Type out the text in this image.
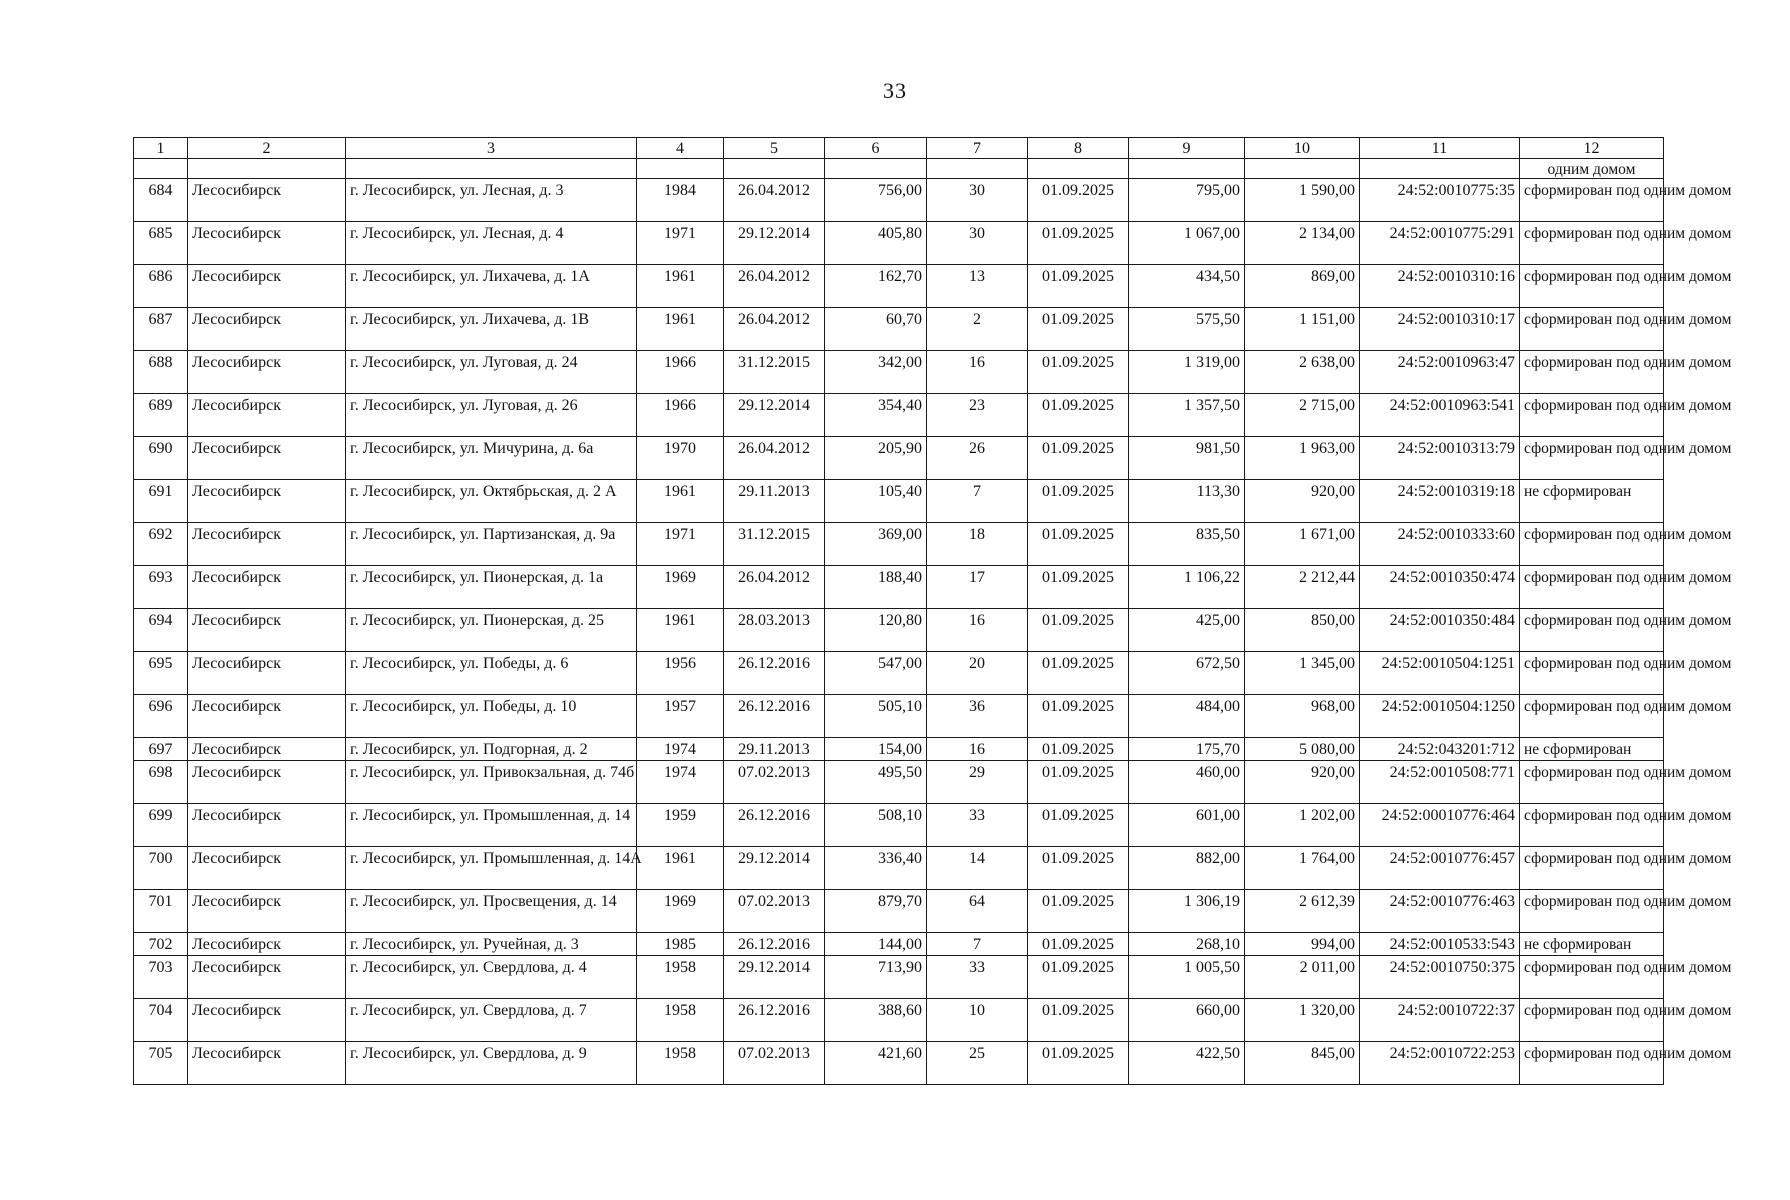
33
1	2	3	4	5	6	7	8	9	10	11	12
											одним домом
684	Лесосибирск	г. Лесосибирск, ул. Лесная, д. 3	1984	26.04.2012	756,00	30	01.09.2025	795,00	1 590,00	24:52:0010775:35	сформирован под одним домом
685	Лесосибирск	г. Лесосибирск, ул. Лесная, д. 4	1971	29.12.2014	405,80	30	01.09.2025	1 067,00	2 134,00	24:52:0010775:291	сформирован под одним домом
686	Лесосибирск	г. Лесосибирск, ул. Лихачева, д. 1А	1961	26.04.2012	162,70	13	01.09.2025	434,50	869,00	24:52:0010310:16	сформирован под одним домом
687	Лесосибирск	г. Лесосибирск, ул. Лихачева, д. 1В	1961	26.04.2012	60,70	2	01.09.2025	575,50	1 151,00	24:52:0010310:17	сформирован под одним домом
688	Лесосибирск	г. Лесосибирск, ул. Луговая, д. 24	1966	31.12.2015	342,00	16	01.09.2025	1 319,00	2 638,00	24:52:0010963:47	сформирован под одним домом
689	Лесосибирск	г. Лесосибирск, ул. Луговая, д. 26	1966	29.12.2014	354,40	23	01.09.2025	1 357,50	2 715,00	24:52:0010963:541	сформирован под одним домом
690	Лесосибирск	г. Лесосибирск, ул. Мичурина, д. 6а	1970	26.04.2012	205,90	26	01.09.2025	981,50	1 963,00	24:52:0010313:79	сформирован под одним домом
691	Лесосибирск	г. Лесосибирск, ул. Октябрьская, д. 2 А	1961	29.11.2013	105,40	7	01.09.2025	113,30	920,00	24:52:0010319:18	не сформирован
692	Лесосибирск	г. Лесосибирск, ул. Партизанская, д. 9а	1971	31.12.2015	369,00	18	01.09.2025	835,50	1 671,00	24:52:0010333:60	сформирован под одним домом
693	Лесосибирск	г. Лесосибирск, ул. Пионерская, д. 1а	1969	26.04.2012	188,40	17	01.09.2025	1 106,22	2 212,44	24:52:0010350:474	сформирован под одним домом
694	Лесосибирск	г. Лесосибирск, ул. Пионерская, д. 25	1961	28.03.2013	120,80	16	01.09.2025	425,00	850,00	24:52:0010350:484	сформирован под одним домом
695	Лесосибирск	г. Лесосибирск, ул. Победы, д. 6	1956	26.12.2016	547,00	20	01.09.2025	672,50	1 345,00	24:52:0010504:1251	сформирован под одним домом
696	Лесосибирск	г. Лесосибирск, ул. Победы, д. 10	1957	26.12.2016	505,10	36	01.09.2025	484,00	968,00	24:52:0010504:1250	сформирован под одним домом
697	Лесосибирск	г. Лесосибирск, ул. Подгорная, д. 2	1974	29.11.2013	154,00	16	01.09.2025	175,70	5 080,00	24:52:043201:712	не сформирован
698	Лесосибирск	г. Лесосибирск, ул. Привокзальная, д. 74б	1974	07.02.2013	495,50	29	01.09.2025	460,00	920,00	24:52:0010508:771	сформирован под одним домом
699	Лесосибирск	г. Лесосибирск, ул. Промышленная, д. 14	1959	26.12.2016	508,10	33	01.09.2025	601,00	1 202,00	24:52:00010776:464	сформирован под одним домом
700	Лесосибирск	г. Лесосибирск, ул. Промышленная, д. 14А	1961	29.12.2014	336,40	14	01.09.2025	882,00	1 764,00	24:52:0010776:457	сформирован под одним домом
701	Лесосибирск	г. Лесосибирск, ул. Просвещения, д. 14	1969	07.02.2013	879,70	64	01.09.2025	1 306,19	2 612,39	24:52:0010776:463	сформирован под одним домом
702	Лесосибирск	г. Лесосибирск, ул. Ручейная, д. 3	1985	26.12.2016	144,00	7	01.09.2025	268,10	994,00	24:52:0010533:543	не сформирован
703	Лесосибирск	г. Лесосибирск, ул. Свердлова, д. 4	1958	29.12.2014	713,90	33	01.09.2025	1 005,50	2 011,00	24:52:0010750:375	сформирован под одним домом
704	Лесосибирск	г. Лесосибирск, ул. Свердлова, д. 7	1958	26.12.2016	388,60	10	01.09.2025	660,00	1 320,00	24:52:0010722:37	сформирован под одним домом
705	Лесосибирск	г. Лесосибирск, ул. Свердлова, д. 9	1958	07.02.2013	421,60	25	01.09.2025	422,50	845,00	24:52:0010722:253	сформирован под одним домом
